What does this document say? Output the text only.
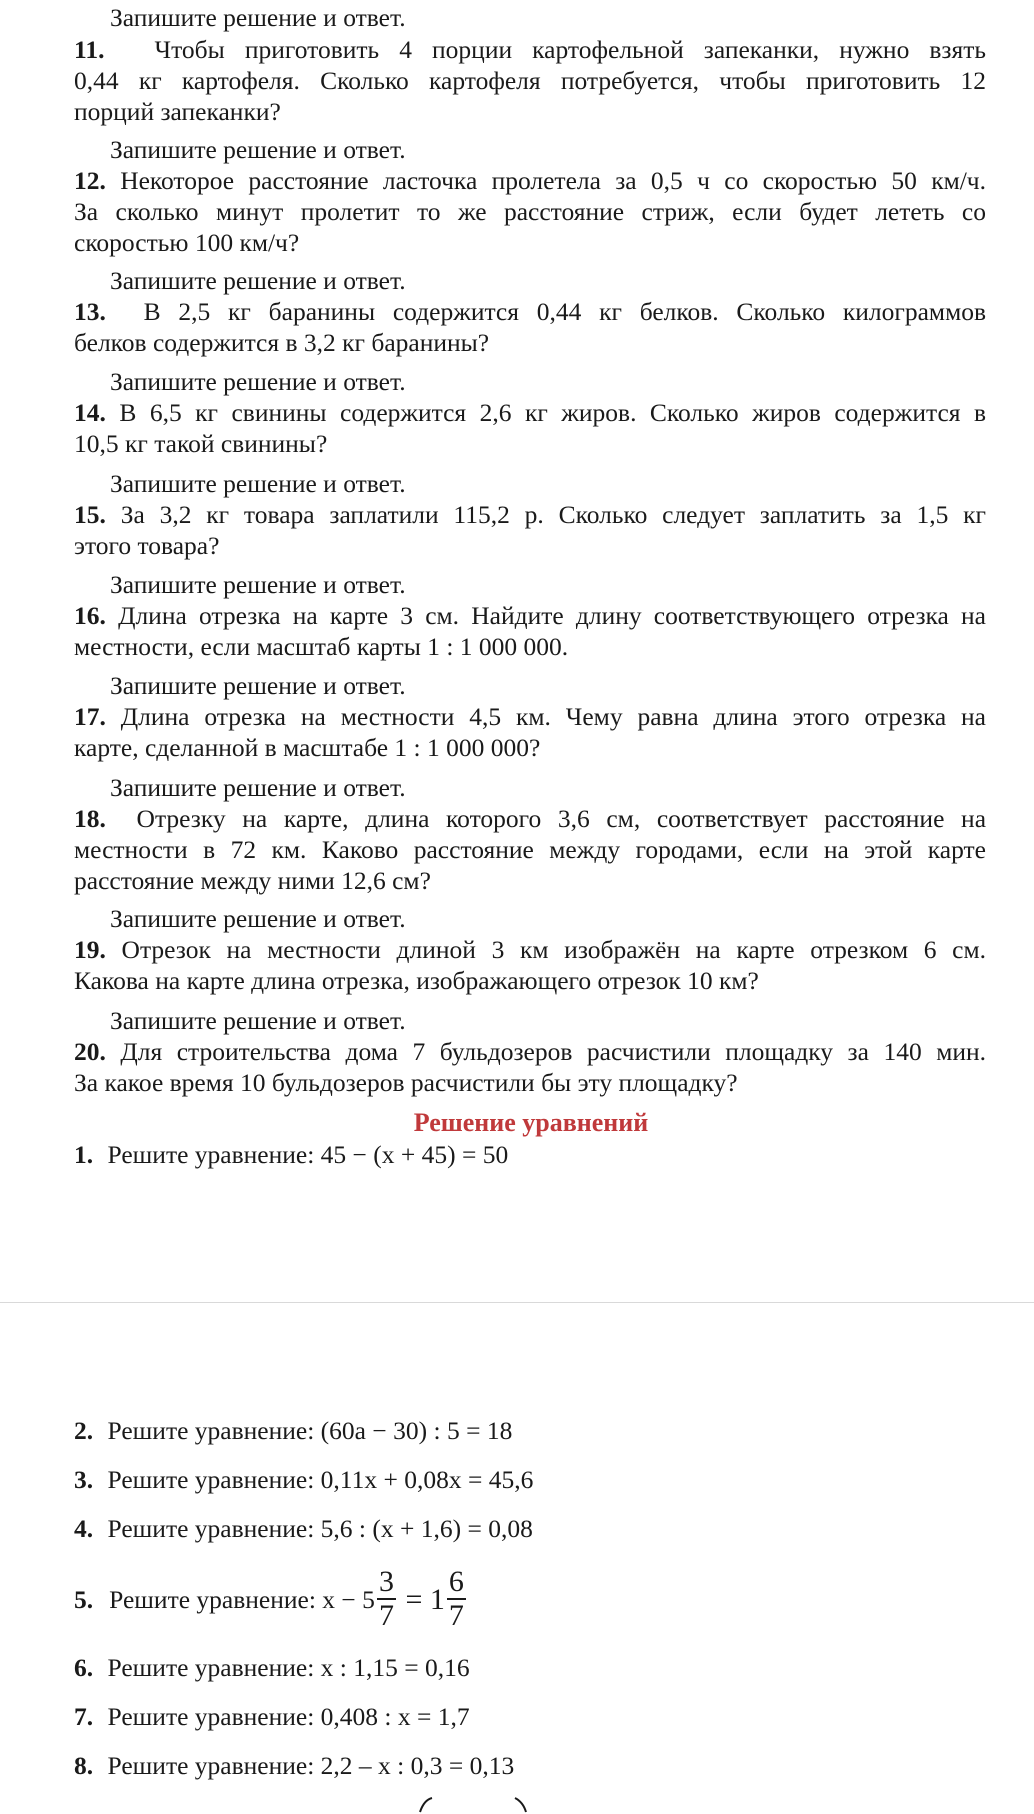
Запишите решение и ответ.
11. Чтобы приготовить 4 порции картофельной запеканки, нужно взять
0,44 кг картофеля. Сколько картофеля потребуется, чтобы приготовить 12
порций запеканки?
Запишите решение и ответ.
12. Некоторое расстояние ласточка пролетела за 0,5 ч со скоростью 50 км/ч.
За сколько минут пролетит то же расстояние стриж, если будет лететь со
скоростью 100 км/ч?
Запишите решение и ответ.
13. В 2,5 кг баранины содержится 0,44 кг белков. Сколько килограммов
белков содержится в 3,2 кг баранины?
Запишите решение и ответ.
14. В 6,5 кг свинины содержится 2,6 кг жиров. Сколько жиров содержится в
10,5 кг такой свинины?
Запишите решение и ответ.
15. За 3,2 кг товара заплатили 115,2 р. Сколько следует заплатить за 1,5 кг
этого товара?
Запишите решение и ответ.
16. Длина отрезка на карте 3 см. Найдите длину соответствующего отрезка на
местности, если масштаб карты 1 : 1 000 000.
Запишите решение и ответ.
17. Длина отрезка на местности 4,5 км. Чему равна длина этого отрезка на
карте, сделанной в масштабе 1 : 1 000 000?
Запишите решение и ответ.
18. Отрезку на карте, длина которого 3,6 см, соответствует расстояние на
местности в 72 км. Каково расстояние между городами, если на этой карте
расстояние между ними 12,6 см?
Запишите решение и ответ.
19. Отрезок на местности длиной 3 км изображён на карте отрезком 6 см.
Какова на карте длина отрезка, изображающего отрезок 10 км?
Запишите решение и ответ.
20. Для строительства дома 7 бульдозеров расчистили площадку за 140 мин.
За какое время 10 бульдозеров расчистили бы эту площадку?
Решение уравнений
1. Решите уравнение: 45 − (x + 45) = 50
2. Решите уравнение: (60a − 30) : 5 = 18
3. Решите уравнение: 0,11x + 0,08x = 45,6
4. Решите уравнение: 5,6 : (x + 1,6) = 0,08
5. Решите уравнение: $x - 5 \frac{3}{7} = 1 \frac{6}{7}$
6. Решите уравнение: x : 1,15 = 0,16
7. Решите уравнение: 0,408 : x = 1,7
8. Решите уравнение: 2,2 – x : 0,3 = 0,13
